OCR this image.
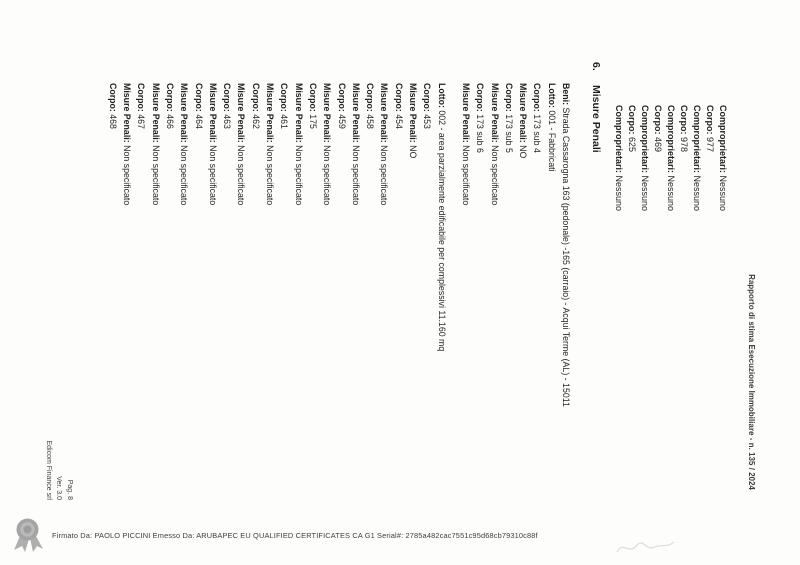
Rapporto di stima Esecuzione Immobiliare - n. 135 / 2024
Comproprietari: Nessuno
Corpo: 977
Comproprietari: Nessuno
Corpo: 978
Comproprietari: Nessuno
Corpo: 469
Comproprietari: Nessuno
Corpo: 625
Comproprietari: Nessuno
6.Misure Penali
Beni: Strada Cassarogna 163 (pedonale) -165 (carraio) - Acqui Terme (AL) - 15011
Lotto: 001 - Fabbricati
Corpo: 173 sub 4
Misure Penali: NO
Corpo: 173 sub 5
Misure Penali: Non specificato
Corpo: 173 sub 6
Misure Penali: Non specificato
Lotto: 002 - area parzialmente edificabile per complessivi 11.160 mq
Corpo: 453
Misure Penali: NO
Corpo: 454
Misure Penali: Non specificato
Corpo: 458
Misure Penali: Non specificato
Corpo: 459
Misure Penali: Non specificato
Corpo: 175
Misure Penali: Non specificato
Corpo: 461
Misure Penali: Non specificato
Corpo: 462
Misure Penali: Non specificato
Corpo: 463
Misure Penali: Non specificato
Corpo: 464
Misure Penali: Non specificato
Corpo: 466
Misure Penali: Non specificato
Corpo: 467
Misure Penali: Non specificato
Corpo: 468
Pag. 8
Ver. 3.0
Edicom Finance srl
Firmato Da: PAOLO PICCINI Emesso Da: ARUBAPEC EU QUALIFIED CERTIFICATES CA G1 Serial#: 2785a482cac7551c95d68cb79310c88f
